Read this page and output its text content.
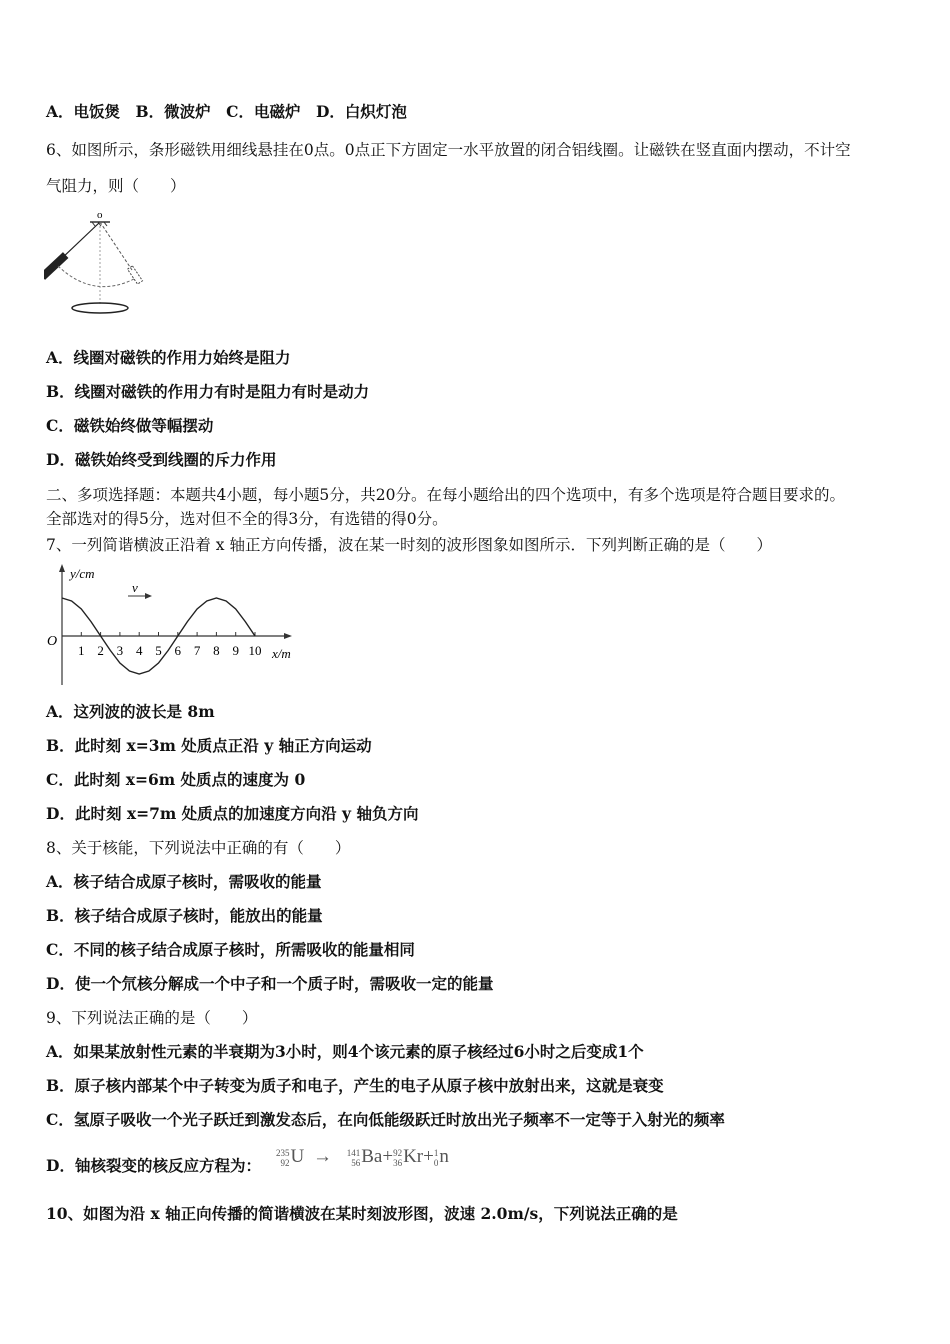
A．电饭煲　B．微波炉　C．电磁炉　D．白炽灯泡
6、如图所示，条形磁铁用细线悬挂在0点。0点正下方固定一水平放置的闭合铝线圈。让磁铁在竖直面内摆动，不计空
气阻力，则（　　）
o
A．线圈对磁铁的作用力始终是阻力
B．线圈对磁铁的作用力有时是阻力有时是动力
C．磁铁始终做等幅摆动
D．磁铁始终受到线圈的斥力作用
二、多项选择题：本题共4小题，每小题5分，共20分。在每小题给出的四个选项中，有多个选项是符合题目要求的。
全部选对的得5分，选对但不全的得3分，有选错的得0分。
7、一列简谐横波正沿着 x 轴正方向传播，波在某一时刻的波形图象如图所示．下列判断正确的是（　　）
y/cm
x/m
O
v
1 2 3 4 5 6 7 8 9 10
A．这列波的波长是 8m
B．此时刻 x=3m 处质点正沿 y 轴正方向运动
C．此时刻 x=6m 处质点的速度为 0
D．此时刻 x=7m 处质点的加速度方向沿 y 轴负方向
8、关于核能，下列说法中正确的有（　　）
A．核子结合成原子核时，需吸收的能量
B．核子结合成原子核时，能放出的能量
C．不同的核子结合成原子核时，所需吸收的能量相同
D．使一个氘核分解成一个中子和一个质子时，需吸收一定的能量
9、下列说法正确的是（　　）
A．如果某放射性元素的半衰期为3小时，则4个该元素的原子核经过6小时之后变成1个
B．原子核内部某个中子转变为质子和电子，产生的电子从原子核中放射出来，这就是衰变
C．氢原子吸收一个光子跃迁到激发态后，在向低能级跃迁时放出光子频率不一定等于入射光的频率
D．铀核裂变的核反应方程为：
235
92 U → 141
56 Ba+ 92
36 Kr+ 1
0 n
10、如图为沿 x 轴正向传播的简谐横波在某时刻波形图，波速 2.0m/s，下列说法正确的是
